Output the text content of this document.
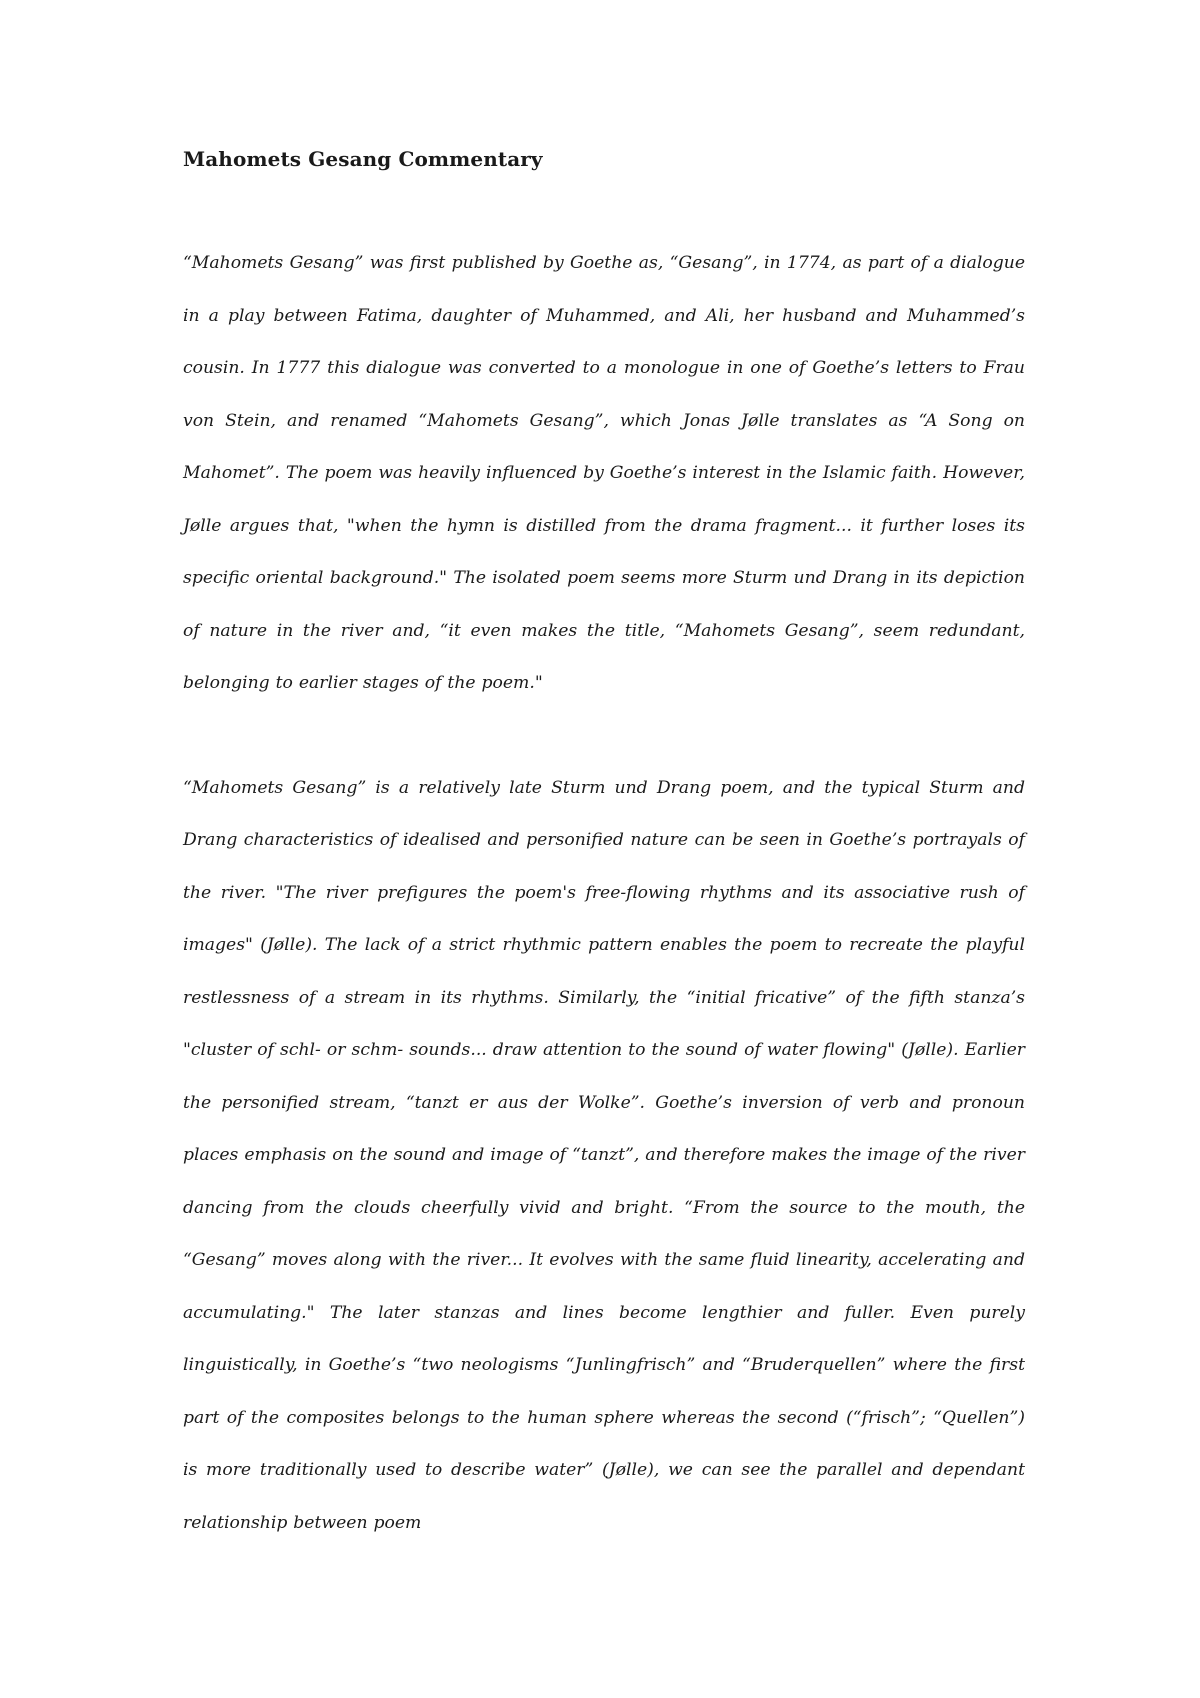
Mahomets Gesang Commentary

“Mahomets Gesang” was first published by Goethe as, “Gesang”, in 1774, as part of a dialogue in a play between Fatima, daughter of Muhammed, and Ali, her husband and Muhammed’s cousin. In 1777 this dialogue was converted to a monologue in one of Goethe’s letters to Frau von Stein, and renamed “Mahomets Gesang”, which Jonas Jølle translates as “A Song on Mahomet”. The poem was heavily influenced by Goethe’s interest in the Islamic faith. However, Jølle argues that, "when the hymn is distilled from the drama fragment... it further loses its specific oriental background." The isolated poem seems more Sturm und Drang in its depiction of nature in the river and, “it even makes the title, “Mahomets Gesang”, seem redundant, belonging to earlier stages of the poem."

“Mahomets Gesang” is a relatively late Sturm und Drang poem, and the typical Sturm and Drang characteristics of idealised and personified nature can be seen in Goethe’s portrayals of the river. "The river prefigures the poem's free-flowing rhythms and its associative rush of images" (Jølle). The lack of a strict rhythmic pattern enables the poem to recreate the playful restlessness of a stream in its rhythms. Similarly, the “initial fricative” of the fifth stanza’s "cluster of schl- or schm- sounds... draw attention to the sound of water flowing" (Jølle). Earlier the personified stream, “tanzt er aus der Wolke”. Goethe’s inversion of verb and pronoun places emphasis on the sound and image of “tanzt”, and therefore makes the image of the river dancing from the clouds cheerfully vivid and bright. “From the source to the mouth, the “Gesang” moves along with the river... It evolves with the same fluid linearity, accelerating and accumulating." The later stanzas and lines become lengthier and fuller. Even purely linguistically, in Goethe’s “two neologisms “Junlingfrisch” and “Bruderquellen” where the first part of the composites belongs to the human sphere whereas the second (“frisch”; “Quellen”) is more traditionally used to describe water” (Jølle), we can see the parallel and dependant relationship between poem
